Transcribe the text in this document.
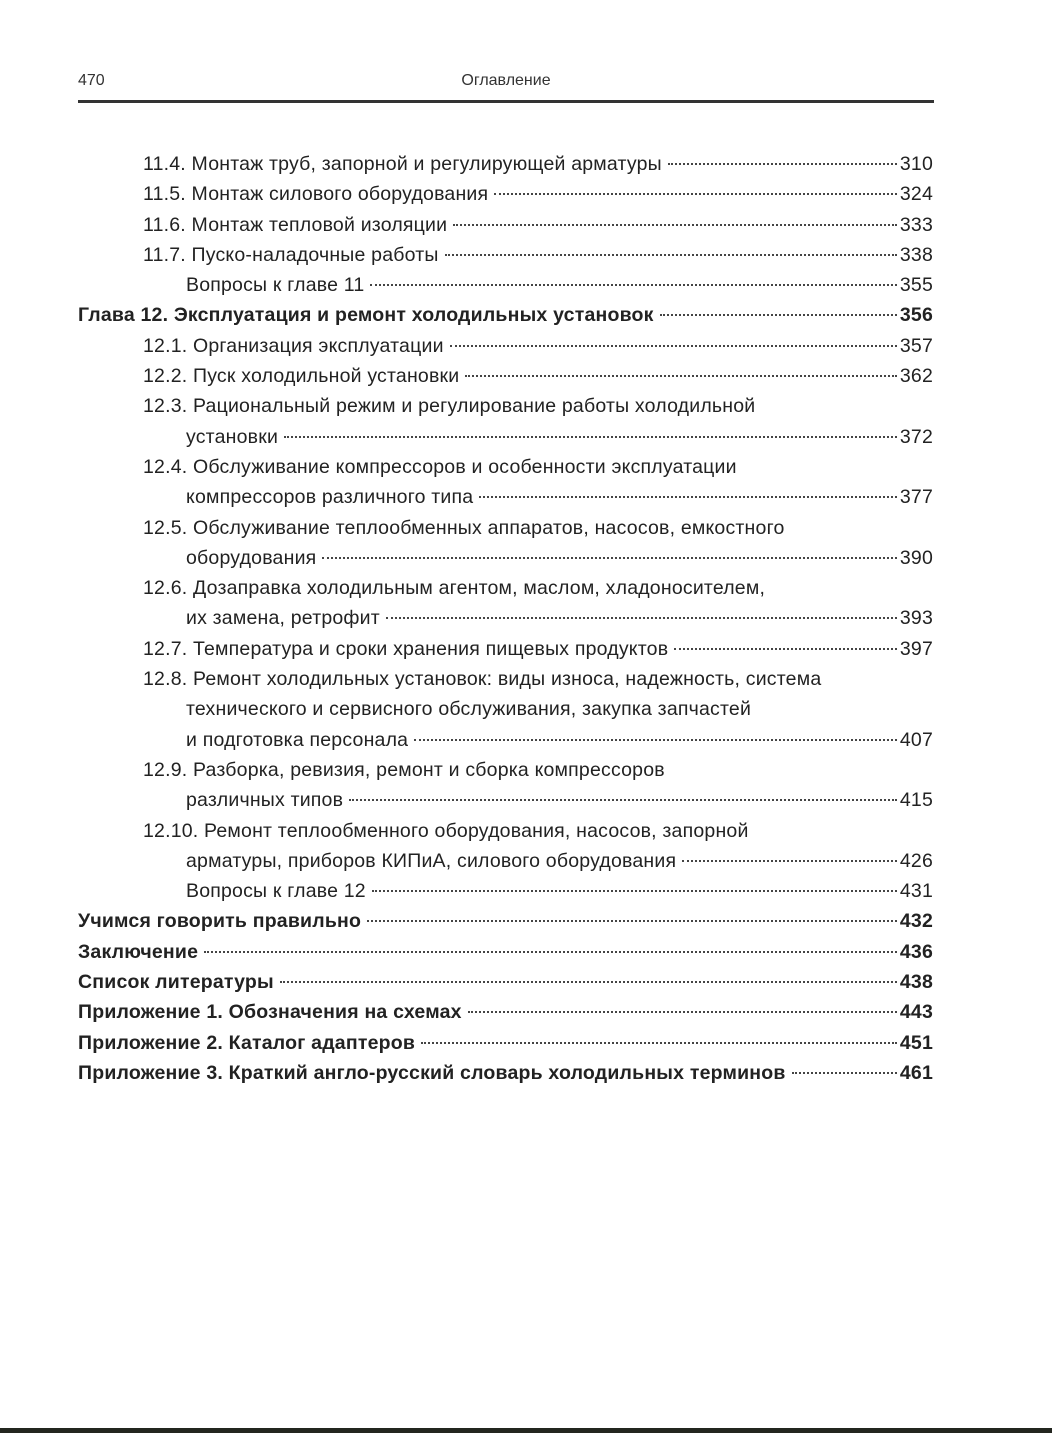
470	Оглавление
11.4. Монтаж труб, запорной и регулирующей арматуры	310
11.5. Монтаж силового оборудования	324
11.6. Монтаж тепловой изоляции	333
11.7. Пуско-наладочные работы	338
Вопросы к главе 11	355
Глава 12. Эксплуатация и ремонт холодильных установок	356
12.1. Организация эксплуатации	357
12.2. Пуск холодильной установки	362
12.3. Рациональный режим и регулирование работы холодильной
установки	372
12.4. Обслуживание компрессоров и особенности эксплуатации
компрессоров различного типа	377
12.5. Обслуживание теплообменных аппаратов, насосов, емкостного
оборудования	390
12.6. Дозаправка холодильным агентом, маслом, хладоносителем,
их замена, ретрофит	393
12.7. Температура и сроки хранения пищевых продуктов	397
12.8. Ремонт холодильных установок: виды износа, надежность, система
технического и сервисного обслуживания, закупка запчастей
и подготовка персонала	407
12.9. Разборка, ревизия, ремонт и сборка компрессоров
различных типов	415
12.10. Ремонт теплообменного оборудования, насосов, запорной
арматуры, приборов КИПиА, силового оборудования	426
Вопросы к главе 12	431
Учимся говорить правильно	432
Заключение	436
Список литературы	438
Приложение 1. Обозначения на схемах	443
Приложение 2. Каталог адаптеров	451
Приложение 3. Краткий англо-русский словарь холодильных терминов	461
